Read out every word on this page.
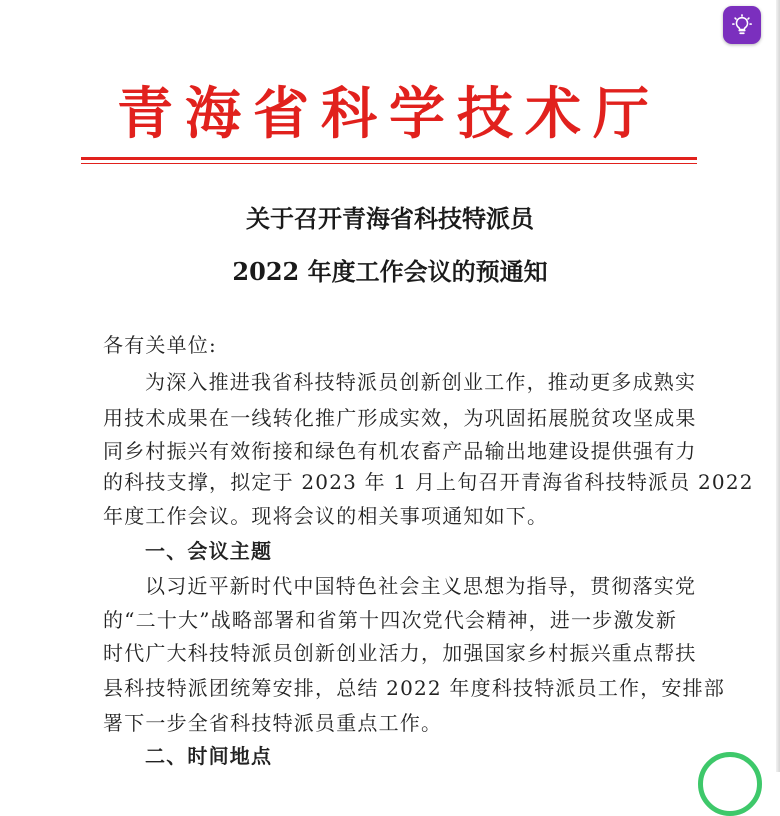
青海省科学技术厅
关于召开青海省科技特派员
2022 年度工作会议的预通知
各有关单位:
为深入推进我省科技特派员创新创业工作，推动更多成熟实
用技术成果在一线转化推广形成实效，为巩固拓展脱贫攻坚成果
同乡村振兴有效衔接和绿色有机农畜产品输出地建设提供强有力
的科技支撑，拟定于 2023 年 1 月上旬召开青海省科技特派员 2022
年度工作会议。现将会议的相关事项通知如下。
一、会议主题
以习近平新时代中国特色社会主义思想为指导，贯彻落实党
的“二十大”战略部署和省第十四次党代会精神，进一步激发新
时代广大科技特派员创新创业活力，加强国家乡村振兴重点帮扶
县科技特派团统筹安排，总结 2022 年度科技特派员工作，安排部
署下一步全省科技特派员重点工作。
二、时间地点
